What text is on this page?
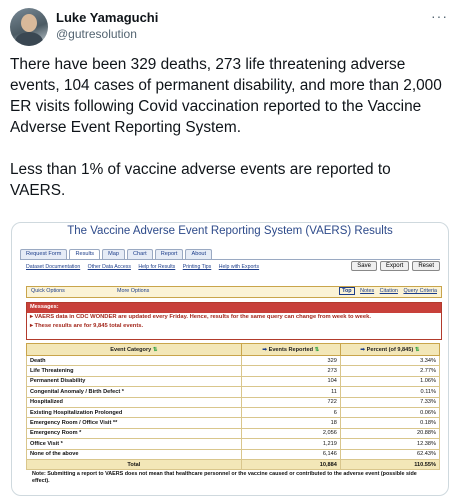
Luke Yamaguchi
@gutresolution
···

There have been 329 deaths, 273 life threatening adverse events, 104 cases of permanent disability, and more than 2,000 ER visits following Covid vaccination reported to the Vaccine Adverse Event Reporting System.

Less than 1% of vaccine adverse events are reported to VAERS.

The Vaccine Adverse Event Reporting System (VAERS) Results
Request Form	Results	Map	Chart	Report	About
Dataset Documentation Other Data Access Help for Results Printing Tips Help with Exports	Save	Export	Reset
Quick Options	More Options	Top Notes Citation Query Criteria
Messages:
▸ VAERS data in CDC WONDER are updated every Friday. Hence, results for the same query can change from week to week.
▸ These results are for 9,845 total events.
Event Category ⇅	➡ Events Reported ⇅	➡ Percent (of 9,845) ⇅
Death	329	3.34%
Life Threatening	273	2.77%
Permanent Disability	104	1.06%
Congenital Anomaly / Birth Defect *	11	0.11%
Hospitalized	722	7.33%
Existing Hospitalization Prolonged	6	0.06%
Emergency Room / Office Visit **	18	0.18%
Emergency Room *	2,056	20.88%
Office Visit *	1,219	12.38%
None of the above	6,146	62.43%
Total	10,884	110.55%
Note: Submitting a report to VAERS does not mean that healthcare personnel or the vaccine caused or contributed to the adverse event (possible side effect).
